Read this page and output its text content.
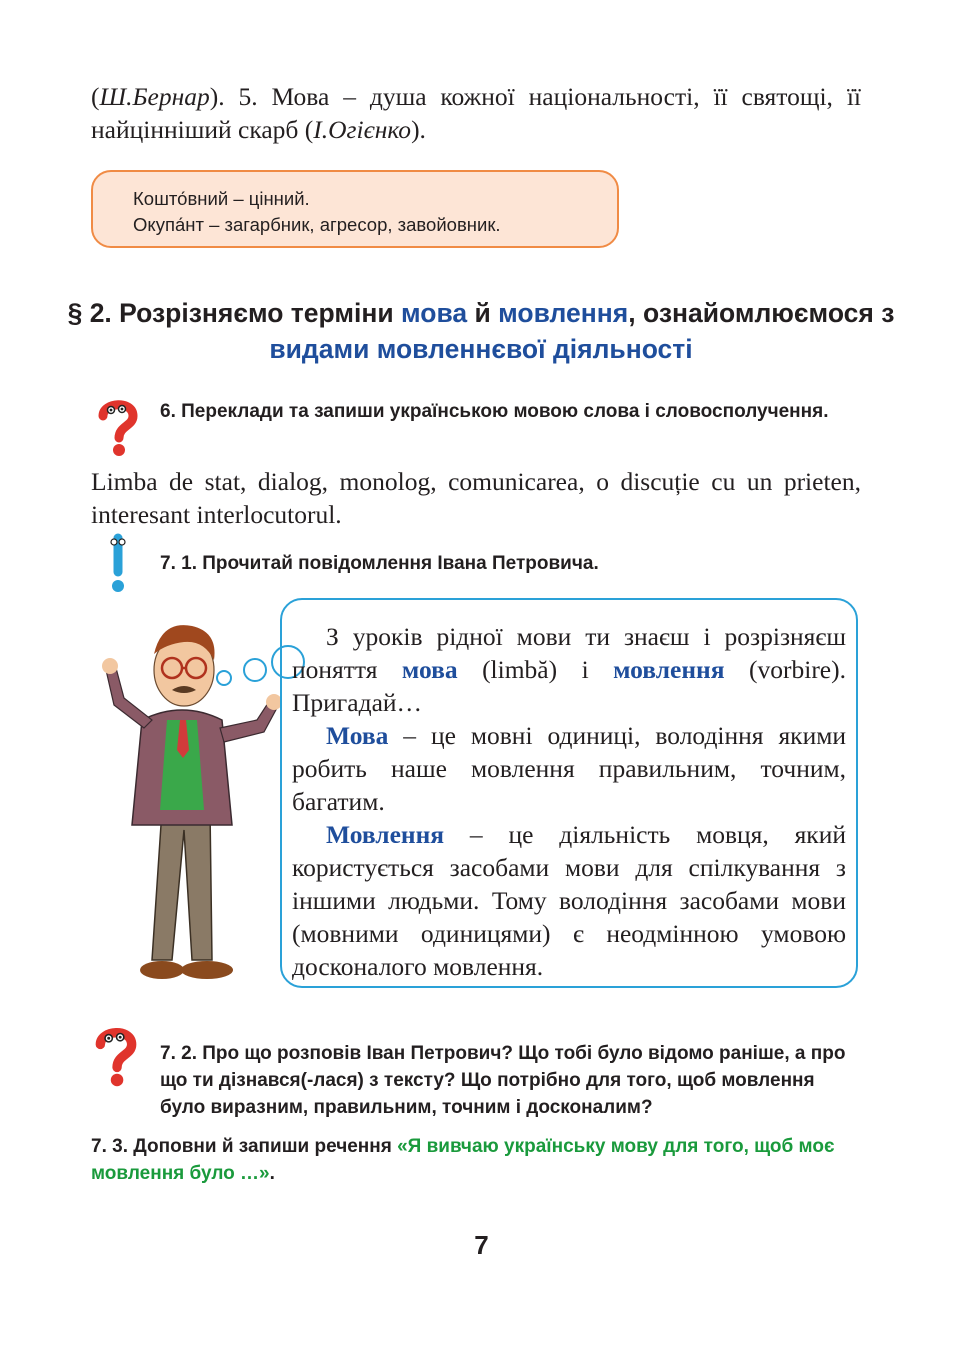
(Ш.Бернар). 5. Мова – душа кожної національності, її святощі, її найцінніший скарб (І.Огієнко).
Кошто́вний – цінний.
Окупа́нт – загарбник, агресор, завойовник.
§ 2. Розрізняємо терміни мова й мовлення, ознайомлюємося з видами мовленнєвої діяльності
6. Переклади та запиши українською мовою слова і словосполучення.
Limba de stat, dialog, monolog, comunicarea, o discuție cu un prieten, interesant interlocutorul.
7. 1. Прочитай повідомлення Івана Петровича.

З уроків рідної мови ти знаєш і розрізняєш поняття мова (limbă) і мовлення (vorbire). Пригадай…

Мова – це мовні одиниці, володіння якими робить наше мовлення правильним, точним, багатим.

Мовлення – це діяльність мовця, який користується засобами мови для спілкування з іншими людьми. Тому володіння засобами мови (мовними одиницями) є неодмінною умовою досконалого мовлення.

7. 2. Про що розповів Іван Петрович? Що тобі було відомо раніше, а про що ти дізнався(-лася) з тексту? Що потрібно для того, щоб мовлення було виразним, правильним, точним і досконалим?
7. 3. Доповни й запиши речення «Я вивчаю українську мову для того, щоб моє мовлення було …».
7
